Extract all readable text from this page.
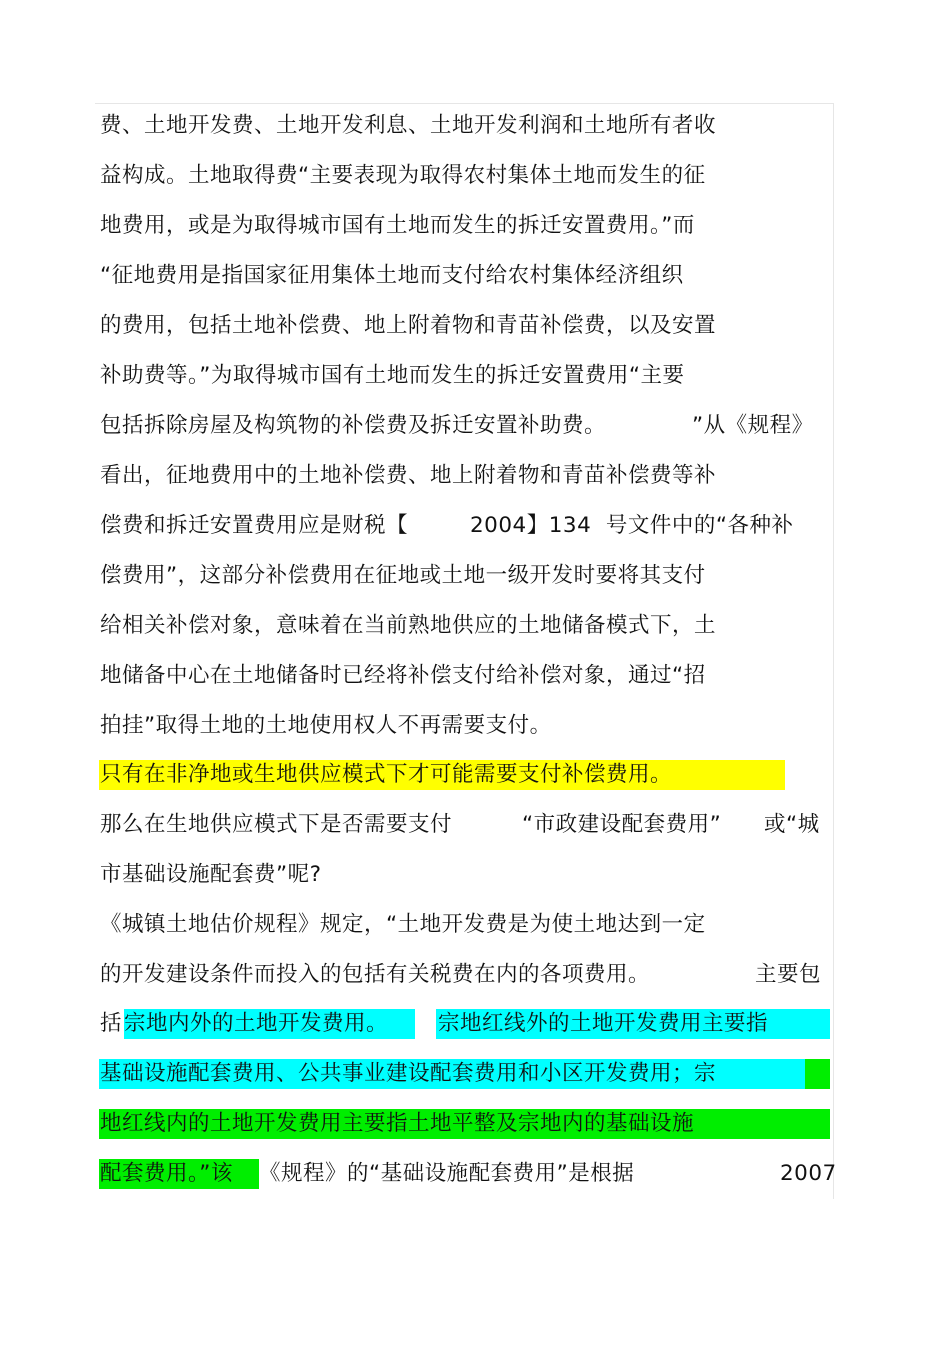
费、土地开发费、土地开发利息、土地开发利润和土地所有者收
益构成。土地取得费“主要表现为取得农村集体土地而发生的征
地费用，或是为取得城市国有土地而发生的拆迁安置费用。”而
“征地费用是指国家征用集体土地而支付给农村集体经济组织
的费用，包括土地补偿费、地上附着物和青苗补偿费，以及安置
补助费等。”为取得城市国有土地而发生的拆迁安置费用“主要
包括拆除房屋及构筑物的补偿费及拆迁安置补助费。	”从《规程》
看出，征地费用中的土地补偿费、地上附着物和青苗补偿费等补
偿费和拆迁安置费用应是财税【	2004】134  号文件中的“各种补
偿费用”，这部分补偿费用在征地或土地一级开发时要将其支付
给相关补偿对象，意味着在当前熟地供应的土地储备模式下，土
地储备中心在土地储备时已经将补偿支付给补偿对象，通过“招
拍挂”取得土地的土地使用权人不再需要支付。
只有在非净地或生地供应模式下才可能需要支付补偿费用。
那么在生地供应模式下是否需要支付	“市政建设配套费用” 或“城
市基础设施配套费”呢?
《城镇土地估价规程》规定，“土地开发费是为使土地达到一定
的开发建设条件而投入的包括有关税费在内的各项费用。	主要包
括 宗地内外的土地开发费用。 宗地红线外的土地开发费用主要指
基础设施配套费用、公共事业建设配套费用和小区开发费用；宗
地红线内的土地开发费用主要指土地平整及宗地内的基础设施
配套费用。”该 《规程》的“基础设施配套费用”是根据	2007
